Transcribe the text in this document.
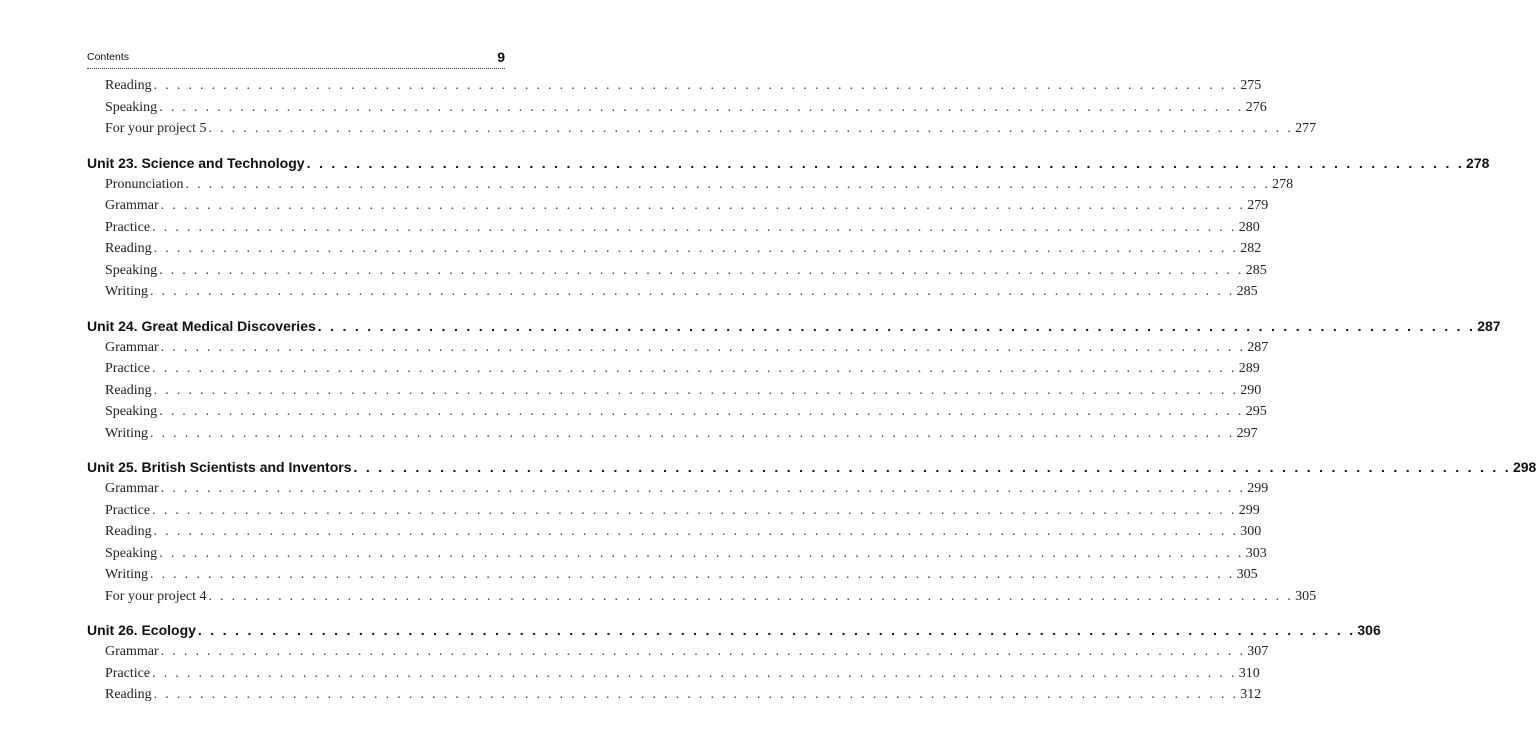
Contents	9
Reading . . . . . . . . . . . . . . . . . . . . . . . . . . . . . . . . . . . . . . . . . . . . . . . . . . . . . . . . . . . . . . . . . . . . . . . . . . . . . . . . . . . . . . . . . . . . . . 275
Speaking . . . . . . . . . . . . . . . . . . . . . . . . . . . . . . . . . . . . . . . . . . . . . . . . . . . . . . . . . . . . . . . . . . . . . . . . . . . . . . . . . . . . . . . . . . . . . . 276
For your project 5 . . . . . . . . . . . . . . . . . . . . . . . . . . . . . . . . . . . . . . . . . . . . . . . . . . . . . . . . . . . . . . . . . . . . . . . . . . . . . . . . . . . . . . . . . . . . . . 277
Unit 23. Science and Technology . . . . . . . . . . . . . . . . . . . . . . . . . . . . . . . . . . . . . . . . . . . . . . . . . . . . . . . . . . . . . . . . . . . . . . . . . . . . . . . . . . . . . . . . . . . . . . 278
Pronunciation . . . . . . . . . . . . . . . . . . . . . . . . . . . . . . . . . . . . . . . . . . . . . . . . . . . . . . . . . . . . . . . . . . . . . . . . . . . . . . . . . . . . . . . . . . . . . . 278
Grammar . . . . . . . . . . . . . . . . . . . . . . . . . . . . . . . . . . . . . . . . . . . . . . . . . . . . . . . . . . . . . . . . . . . . . . . . . . . . . . . . . . . . . . . . . . . . . . 279
Practice . . . . . . . . . . . . . . . . . . . . . . . . . . . . . . . . . . . . . . . . . . . . . . . . . . . . . . . . . . . . . . . . . . . . . . . . . . . . . . . . . . . . . . . . . . . . . . 280
Reading . . . . . . . . . . . . . . . . . . . . . . . . . . . . . . . . . . . . . . . . . . . . . . . . . . . . . . . . . . . . . . . . . . . . . . . . . . . . . . . . . . . . . . . . . . . . . . 282
Speaking . . . . . . . . . . . . . . . . . . . . . . . . . . . . . . . . . . . . . . . . . . . . . . . . . . . . . . . . . . . . . . . . . . . . . . . . . . . . . . . . . . . . . . . . . . . . . . 285
Writing . . . . . . . . . . . . . . . . . . . . . . . . . . . . . . . . . . . . . . . . . . . . . . . . . . . . . . . . . . . . . . . . . . . . . . . . . . . . . . . . . . . . . . . . . . . . . . 285
Unit 24. Great Medical Discoveries . . . . . . . . . . . . . . . . . . . . . . . . . . . . . . . . . . . . . . . . . . . . . . . . . . . . . . . . . . . . . . . . . . . . . . . . . . . . . . . . . . . . . . . . . . . . . . 287
Grammar . . . . . . . . . . . . . . . . . . . . . . . . . . . . . . . . . . . . . . . . . . . . . . . . . . . . . . . . . . . . . . . . . . . . . . . . . . . . . . . . . . . . . . . . . . . . . . 287
Practice . . . . . . . . . . . . . . . . . . . . . . . . . . . . . . . . . . . . . . . . . . . . . . . . . . . . . . . . . . . . . . . . . . . . . . . . . . . . . . . . . . . . . . . . . . . . . . 289
Reading . . . . . . . . . . . . . . . . . . . . . . . . . . . . . . . . . . . . . . . . . . . . . . . . . . . . . . . . . . . . . . . . . . . . . . . . . . . . . . . . . . . . . . . . . . . . . . 290
Speaking . . . . . . . . . . . . . . . . . . . . . . . . . . . . . . . . . . . . . . . . . . . . . . . . . . . . . . . . . . . . . . . . . . . . . . . . . . . . . . . . . . . . . . . . . . . . . . 295
Writing . . . . . . . . . . . . . . . . . . . . . . . . . . . . . . . . . . . . . . . . . . . . . . . . . . . . . . . . . . . . . . . . . . . . . . . . . . . . . . . . . . . . . . . . . . . . . . 297
Unit 25. British Scientists and Inventors . . . . . . . . . . . . . . . . . . . . . . . . . . . . . . . . . . . . . . . . . . . . . . . . . . . . . . . . . . . . . . . . . . . . . . . . . . . . . . . . . . . . . . . . . . . . . . 298
Grammar . . . . . . . . . . . . . . . . . . . . . . . . . . . . . . . . . . . . . . . . . . . . . . . . . . . . . . . . . . . . . . . . . . . . . . . . . . . . . . . . . . . . . . . . . . . . . . 299
Practice . . . . . . . . . . . . . . . . . . . . . . . . . . . . . . . . . . . . . . . . . . . . . . . . . . . . . . . . . . . . . . . . . . . . . . . . . . . . . . . . . . . . . . . . . . . . . . 299
Reading . . . . . . . . . . . . . . . . . . . . . . . . . . . . . . . . . . . . . . . . . . . . . . . . . . . . . . . . . . . . . . . . . . . . . . . . . . . . . . . . . . . . . . . . . . . . . . 300
Speaking . . . . . . . . . . . . . . . . . . . . . . . . . . . . . . . . . . . . . . . . . . . . . . . . . . . . . . . . . . . . . . . . . . . . . . . . . . . . . . . . . . . . . . . . . . . . . . 303
Writing . . . . . . . . . . . . . . . . . . . . . . . . . . . . . . . . . . . . . . . . . . . . . . . . . . . . . . . . . . . . . . . . . . . . . . . . . . . . . . . . . . . . . . . . . . . . . . 305
For your project 4 . . . . . . . . . . . . . . . . . . . . . . . . . . . . . . . . . . . . . . . . . . . . . . . . . . . . . . . . . . . . . . . . . . . . . . . . . . . . . . . . . . . . . . . . . . . . . . 305
Unit 26. Ecology . . . . . . . . . . . . . . . . . . . . . . . . . . . . . . . . . . . . . . . . . . . . . . . . . . . . . . . . . . . . . . . . . . . . . . . . . . . . . . . . . . . . . . . . . . . . . . 306
Grammar . . . . . . . . . . . . . . . . . . . . . . . . . . . . . . . . . . . . . . . . . . . . . . . . . . . . . . . . . . . . . . . . . . . . . . . . . . . . . . . . . . . . . . . . . . . . . . 307
Practice . . . . . . . . . . . . . . . . . . . . . . . . . . . . . . . . . . . . . . . . . . . . . . . . . . . . . . . . . . . . . . . . . . . . . . . . . . . . . . . . . . . . . . . . . . . . . . 310
Reading . . . . . . . . . . . . . . . . . . . . . . . . . . . . . . . . . . . . . . . . . . . . . . . . . . . . . . . . . . . . . . . . . . . . . . . . . . . . . . . . . . . . . . . . . . . . . . 312
